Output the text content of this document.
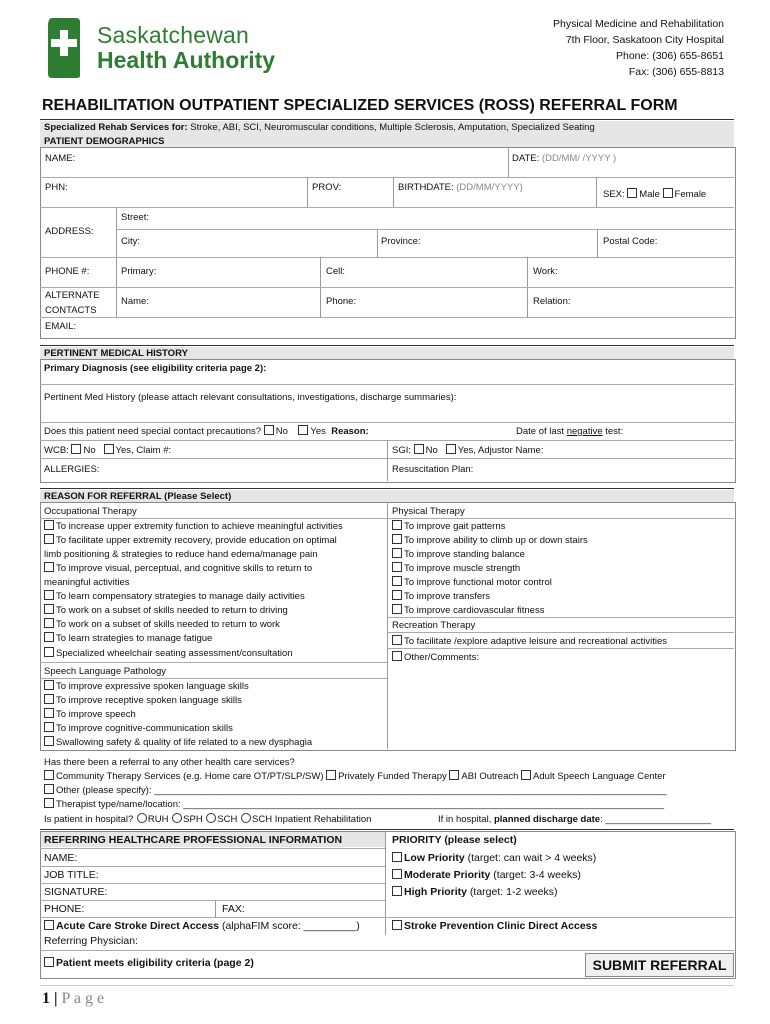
Saskatchewan
Health Authority
Physical Medicine and Rehabilitation
7th Floor, Saskatoon City Hospital
Phone: (306) 655-8651
Fax: (306) 655-8813
REHABILITATION OUTPATIENT SPECIALIZED SERVICES (ROSS) REFERRAL FORM
Specialized Rehab Services for: Stroke, ABI, SCI, Neuromuscular conditions, Multiple Sclerosis, Amputation, Specialized Seating
PATIENT DEMOGRAPHICS
NAME:	DATE: (DD/MM/ /YYYY )
PHN:	PROV:	BIRTHDATE: (DD/MM/YYYY)
SEX: Male Female
ADDRESS:
Street:
City:	Province:	Postal Code:
PHONE #:	Primary:	Cell:	Work:
ALTERNATE
CONTACTS
Name:	Phone:	Relation:
EMAIL:
PERTINENT MEDICAL HISTORY
Primary Diagnosis (see eligibility criteria page 2):
Pertinent Med History (please attach relevant consultations, investigations, discharge summaries):
Does this patient need special contact precautions? No Yes Reason:	Date of last negative test:
WCB: No Yes, Claim #:	SGI: No Yes, Adjustor Name:
ALLERGIES:	Resuscitation Plan:
REASON FOR REFERRAL (Please Select)
Occupational Therapy
To increase upper extremity function to achieve meaningful activities
To facilitate upper extremity recovery, provide education on optimal
limb positioning & strategies to reduce hand edema/manage pain
To improve visual, perceptual, and cognitive skills to return to
meaningful activities
To learn compensatory strategies to manage daily activities
To work on a subset of skills needed to return to driving
To work on a subset of skills needed to return to work
To learn strategies to manage fatigue
Specialized wheelchair seating assessment/consultation
Speech Language Pathology
To improve expressive spoken language skills
To improve receptive spoken language skills
To improve speech
To improve cognitive-communication skills
Swallowing safety & quality of life related to a new dysphagia
Physical Therapy
To improve gait patterns
To improve ability to climb up or down stairs
To improve standing balance
To improve muscle strength
To improve functional motor control
To improve transfers
To improve cardiovascular fitness
Recreation Therapy
To facilitate /explore adaptive leisure and recreational activities
Other/Comments:
Has there been a referral to any other health care services?
Community Therapy Services (e.g. Home care OT/PT/SLP/SW) Privately Funded Therapy ABI Outreach Adult Speech Language Center
Other (please specify): _________________________________________________________________________________________________
Therapist type/name/location: ___________________________________________________________________________________________
Is patient in hospital? RUH SPH SCH SCH Inpatient Rehabilitation	If in hospital, planned discharge date: ____________________
REFERRING HEALTHCARE PROFESSIONAL INFORMATION	PRIORITY (please select)
NAME:	Low Priority (target: can wait > 4 weeks)
JOB TITLE:	Moderate Priority (target: 3-4 weeks)
SIGNATURE:	High Priority (target: 1-2 weeks)
PHONE:	FAX:
Acute Care Stroke Direct Access (alphaFIM score: _________)	Stroke Prevention Clinic Direct Access
Referring Physician:
Patient meets eligibility criteria (page 2)	SUBMIT REFERRAL
1 | P a g e
